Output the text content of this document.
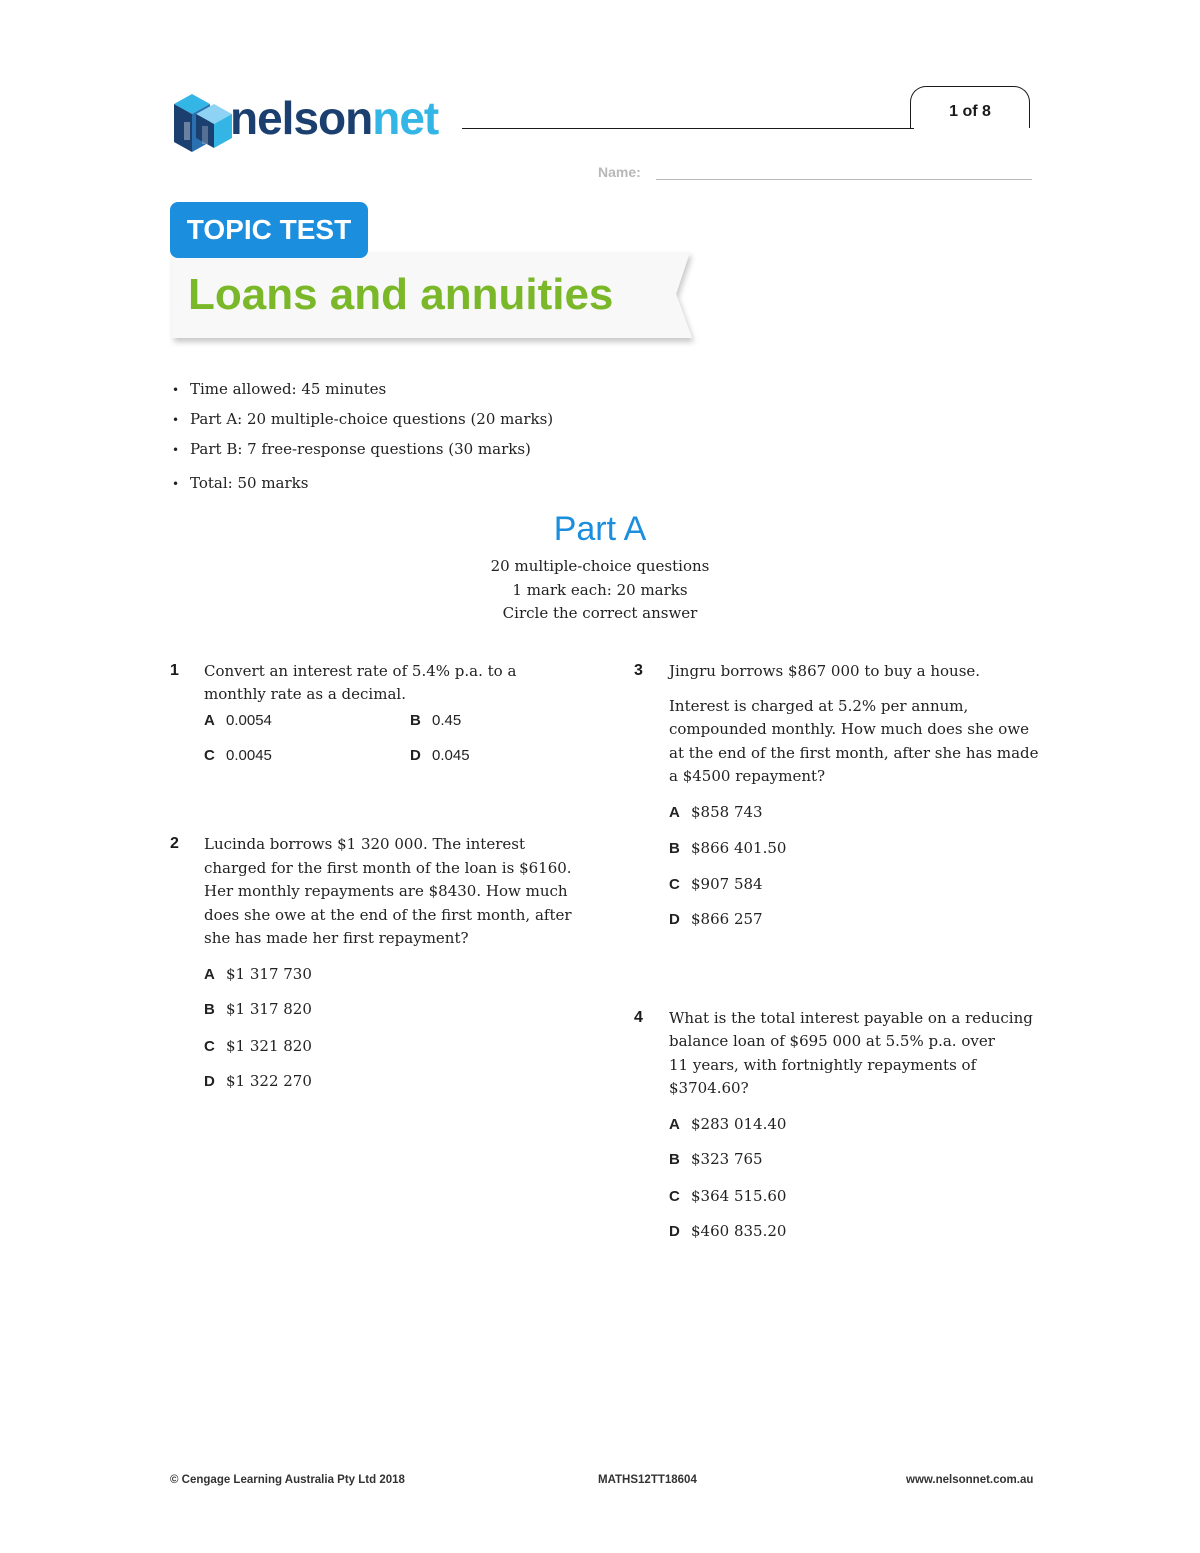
nelsonnet	1 of 8
Name:
TOPIC TEST
Loans and annuities
• Time allowed: 45 minutes
• Part A: 20 multiple-choice questions (20 marks)
• Part B: 7 free-response questions (30 marks)
• Total: 50 marks
Part A
20 multiple-choice questions
1 mark each: 20 marks
Circle the correct answer
1 Convert an interest rate of 5.4% p.a. to a
monthly rate as a decimal.
A 0.0054	B 0.45
C 0.0045	D 0.045
2 Lucinda borrows $1 320 000. The interest
charged for the first month of the loan is $6160.
Her monthly repayments are $8430. How much
does she owe at the end of the first month, after
she has made her first repayment?
A $1 317 730
B $1 317 820
C $1 321 820
D $1 322 270
3 Jingru borrows $867 000 to buy a house.
Interest is charged at 5.2% per annum,
compounded monthly. How much does she owe
at the end of the first month, after she has made
a $4500 repayment?
A $858 743
B $866 401.50
C $907 584
D $866 257
4 What is the total interest payable on a reducing
balance loan of $695 000 at 5.5% p.a. over
11 years, with fortnightly repayments of
$3704.60?
A $283 014.40
B $323 765
C $364 515.60
D $460 835.20
© Cengage Learning Australia Pty Ltd 2018	MATHS12TT18604	www.nelsonnet.com.au
